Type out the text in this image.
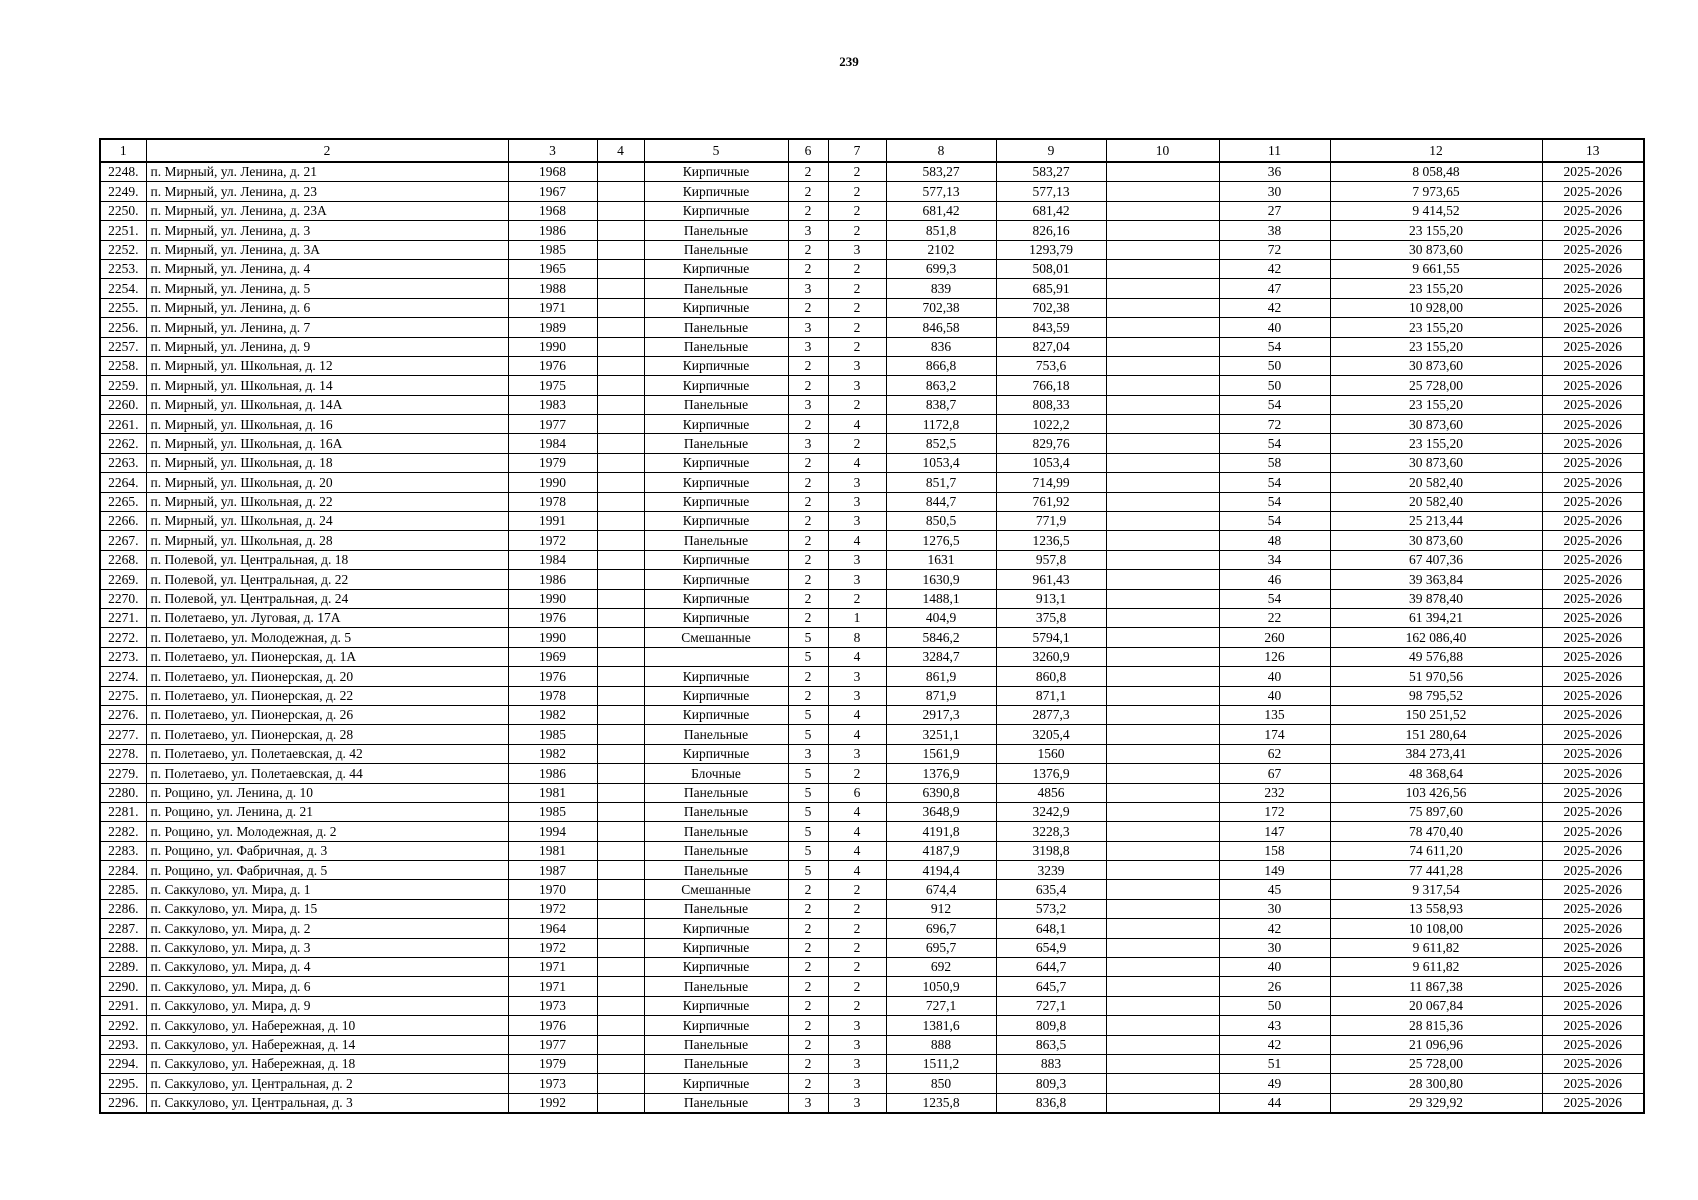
239
1	2	3	4	5	6	7	8	9	10	11	12	13
2248.	п. Мирный, ул. Ленина, д. 21	1968		Кирпичные	2	2	583,27	583,27		36	8 058,48	2025-2026
2249.	п. Мирный, ул. Ленина, д. 23	1967		Кирпичные	2	2	577,13	577,13		30	7 973,65	2025-2026
2250.	п. Мирный, ул. Ленина, д. 23А	1968		Кирпичные	2	2	681,42	681,42		27	9 414,52	2025-2026
2251.	п. Мирный, ул. Ленина, д. 3	1986		Панельные	3	2	851,8	826,16		38	23 155,20	2025-2026
2252.	п. Мирный, ул. Ленина, д. 3А	1985		Панельные	2	3	2102	1293,79		72	30 873,60	2025-2026
2253.	п. Мирный, ул. Ленина, д. 4	1965		Кирпичные	2	2	699,3	508,01		42	9 661,55	2025-2026
2254.	п. Мирный, ул. Ленина, д. 5	1988		Панельные	3	2	839	685,91		47	23 155,20	2025-2026
2255.	п. Мирный, ул. Ленина, д. 6	1971		Кирпичные	2	2	702,38	702,38		42	10 928,00	2025-2026
2256.	п. Мирный, ул. Ленина, д. 7	1989		Панельные	3	2	846,58	843,59		40	23 155,20	2025-2026
2257.	п. Мирный, ул. Ленина, д. 9	1990		Панельные	3	2	836	827,04		54	23 155,20	2025-2026
2258.	п. Мирный, ул. Школьная, д. 12	1976		Кирпичные	2	3	866,8	753,6		50	30 873,60	2025-2026
2259.	п. Мирный, ул. Школьная, д. 14	1975		Кирпичные	2	3	863,2	766,18		50	25 728,00	2025-2026
2260.	п. Мирный, ул. Школьная, д. 14А	1983		Панельные	3	2	838,7	808,33		54	23 155,20	2025-2026
2261.	п. Мирный, ул. Школьная, д. 16	1977		Кирпичные	2	4	1172,8	1022,2		72	30 873,60	2025-2026
2262.	п. Мирный, ул. Школьная, д. 16А	1984		Панельные	3	2	852,5	829,76		54	23 155,20	2025-2026
2263.	п. Мирный, ул. Школьная, д. 18	1979		Кирпичные	2	4	1053,4	1053,4		58	30 873,60	2025-2026
2264.	п. Мирный, ул. Школьная, д. 20	1990		Кирпичные	2	3	851,7	714,99		54	20 582,40	2025-2026
2265.	п. Мирный, ул. Школьная, д. 22	1978		Кирпичные	2	3	844,7	761,92		54	20 582,40	2025-2026
2266.	п. Мирный, ул. Школьная, д. 24	1991		Кирпичные	2	3	850,5	771,9		54	25 213,44	2025-2026
2267.	п. Мирный, ул. Школьная, д. 28	1972		Панельные	2	4	1276,5	1236,5		48	30 873,60	2025-2026
2268.	п. Полевой, ул. Центральная, д. 18	1984		Кирпичные	2	3	1631	957,8		34	67 407,36	2025-2026
2269.	п. Полевой, ул. Центральная, д. 22	1986		Кирпичные	2	3	1630,9	961,43		46	39 363,84	2025-2026
2270.	п. Полевой, ул. Центральная, д. 24	1990		Кирпичные	2	2	1488,1	913,1		54	39 878,40	2025-2026
2271.	п. Полетаево, ул. Луговая, д. 17А	1976		Кирпичные	2	1	404,9	375,8		22	61 394,21	2025-2026
2272.	п. Полетаево, ул. Молодежная, д. 5	1990		Смешанные	5	8	5846,2	5794,1		260	162 086,40	2025-2026
2273.	п. Полетаево, ул. Пионерская, д. 1А	1969			5	4	3284,7	3260,9		126	49 576,88	2025-2026
2274.	п. Полетаево, ул. Пионерская, д. 20	1976		Кирпичные	2	3	861,9	860,8		40	51 970,56	2025-2026
2275.	п. Полетаево, ул. Пионерская, д. 22	1978		Кирпичные	2	3	871,9	871,1		40	98 795,52	2025-2026
2276.	п. Полетаево, ул. Пионерская, д. 26	1982		Кирпичные	5	4	2917,3	2877,3		135	150 251,52	2025-2026
2277.	п. Полетаево, ул. Пионерская, д. 28	1985		Панельные	5	4	3251,1	3205,4		174	151 280,64	2025-2026
2278.	п. Полетаево, ул. Полетаевская, д. 42	1982		Кирпичные	3	3	1561,9	1560		62	384 273,41	2025-2026
2279.	п. Полетаево, ул. Полетаевская, д. 44	1986		Блочные	5	2	1376,9	1376,9		67	48 368,64	2025-2026
2280.	п. Рощино, ул. Ленина, д. 10	1981		Панельные	5	6	6390,8	4856		232	103 426,56	2025-2026
2281.	п. Рощино, ул. Ленина, д. 21	1985		Панельные	5	4	3648,9	3242,9		172	75 897,60	2025-2026
2282.	п. Рощино, ул. Молодежная, д. 2	1994		Панельные	5	4	4191,8	3228,3		147	78 470,40	2025-2026
2283.	п. Рощино, ул. Фабричная, д. 3	1981		Панельные	5	4	4187,9	3198,8		158	74 611,20	2025-2026
2284.	п. Рощино, ул. Фабричная, д. 5	1987		Панельные	5	4	4194,4	3239		149	77 441,28	2025-2026
2285.	п. Саккулово, ул. Мира, д. 1	1970		Смешанные	2	2	674,4	635,4		45	9 317,54	2025-2026
2286.	п. Саккулово, ул. Мира, д. 15	1972		Панельные	2	2	912	573,2		30	13 558,93	2025-2026
2287.	п. Саккулово, ул. Мира, д. 2	1964		Кирпичные	2	2	696,7	648,1		42	10 108,00	2025-2026
2288.	п. Саккулово, ул. Мира, д. 3	1972		Кирпичные	2	2	695,7	654,9		30	9 611,82	2025-2026
2289.	п. Саккулово, ул. Мира, д. 4	1971		Кирпичные	2	2	692	644,7		40	9 611,82	2025-2026
2290.	п. Саккулово, ул. Мира, д. 6	1971		Панельные	2	2	1050,9	645,7		26	11 867,38	2025-2026
2291.	п. Саккулово, ул. Мира, д. 9	1973		Кирпичные	2	2	727,1	727,1		50	20 067,84	2025-2026
2292.	п. Саккулово, ул. Набережная, д. 10	1976		Кирпичные	2	3	1381,6	809,8		43	28 815,36	2025-2026
2293.	п. Саккулово, ул. Набережная, д. 14	1977		Панельные	2	3	888	863,5		42	21 096,96	2025-2026
2294.	п. Саккулово, ул. Набережная, д. 18	1979		Панельные	2	3	1511,2	883		51	25 728,00	2025-2026
2295.	п. Саккулово, ул. Центральная, д. 2	1973		Кирпичные	2	3	850	809,3		49	28 300,80	2025-2026
2296.	п. Саккулово, ул. Центральная, д. 3	1992		Панельные	3	3	1235,8	836,8		44	29 329,92	2025-2026
